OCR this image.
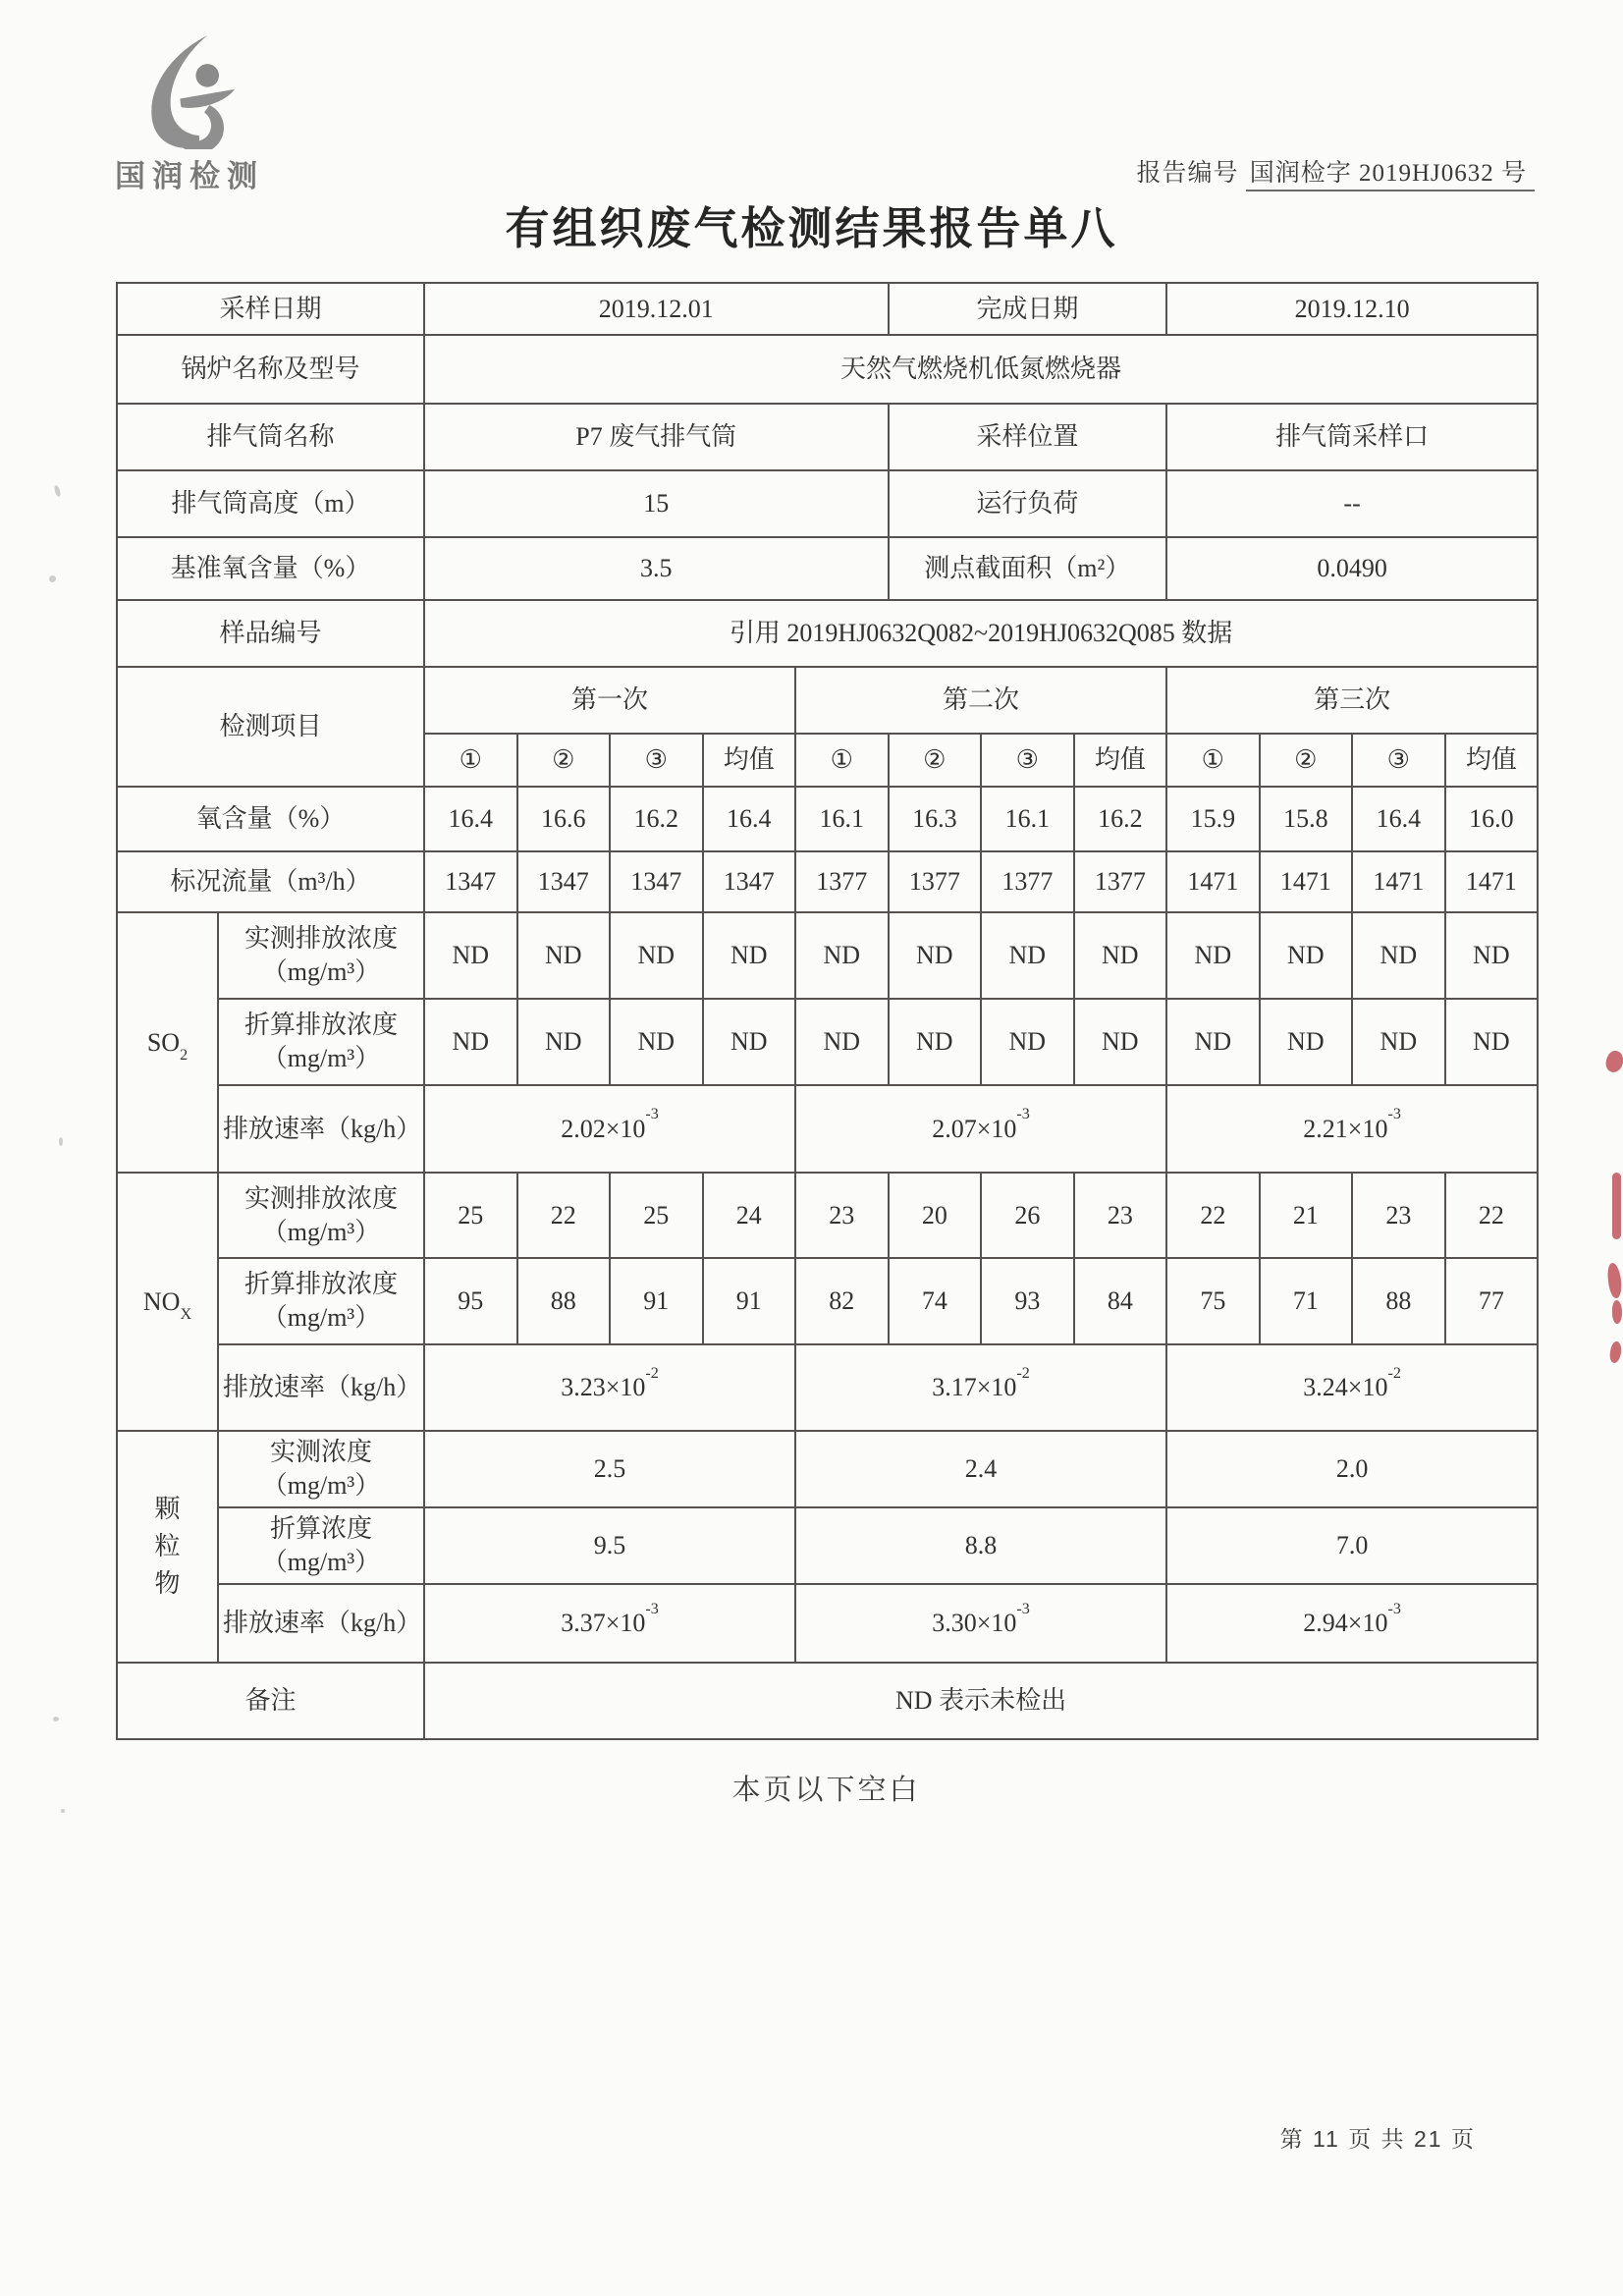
国润检测	报告编号 国润检字 2019HJ0632 号
有组织废气检测结果报告单八
采样日期		2019.12.01					完成日期			2019.12.10			
锅炉名称及型号		天然气燃烧机低氮燃烧器											
排气筒名称		P7 废气排气筒					采样位置			排气筒采样口			
排气筒高度（m）		15					运行负荷			--			
基准氧含量（%）		3.5					测点截面积（m²）			0.0490			
样品编号		引用 2019HJ0632Q082~2019HJ0632Q085 数据											
检测项目		第一次				第二次				第三次			
		①	②	③	均值	①	②	③	均值	①	②	③	均值
氧含量（%）		16.4	16.6	16.2	16.4	16.1	16.3	16.1	16.2	15.9	15.8	16.4	16.0
标况流量（m³/h）		1347	1347	1347	1347	1377	1377	1377	1377	1471	1471	1471	1471
$SO_2$	实测排放浓度（mg/m³）	ND	ND	ND	ND	ND	ND	ND	ND	ND	ND	ND	ND
	折算排放浓度（mg/m³）	ND	ND	ND	ND	ND	ND	ND	ND	ND	ND	ND	ND
	排放速率（kg/h）	$2.02\times 10^{-3}$				$2.07\times 10^{-3}$				$2.21\times 10^{-3}$
$NO_X$	实测排放浓度（mg/m³）	25	22	25	24	23	20	26	23	22	21	23	22
	折算排放浓度（mg/m³）	95	88	91	91	82	74	93	84	75	71	88	77
	排放速率（kg/h）	$3.23\times 10^{-2}$				$3.17\times 10^{-2}$				$3.24\times 10^{-2}$
颗粒物	实测浓度（mg/m³）	2.5				2.4				2.0			
	折算浓度（mg/m³）	9.5				8.8				7.0			
	排放速率（kg/h）	$3.37\times 10^{-3}$				$3.30\times 10^{-3}$				$2.94\times 10^{-3}$
备注		ND 表示未检出											
本页以下空白
第 11 页 共 21 页
